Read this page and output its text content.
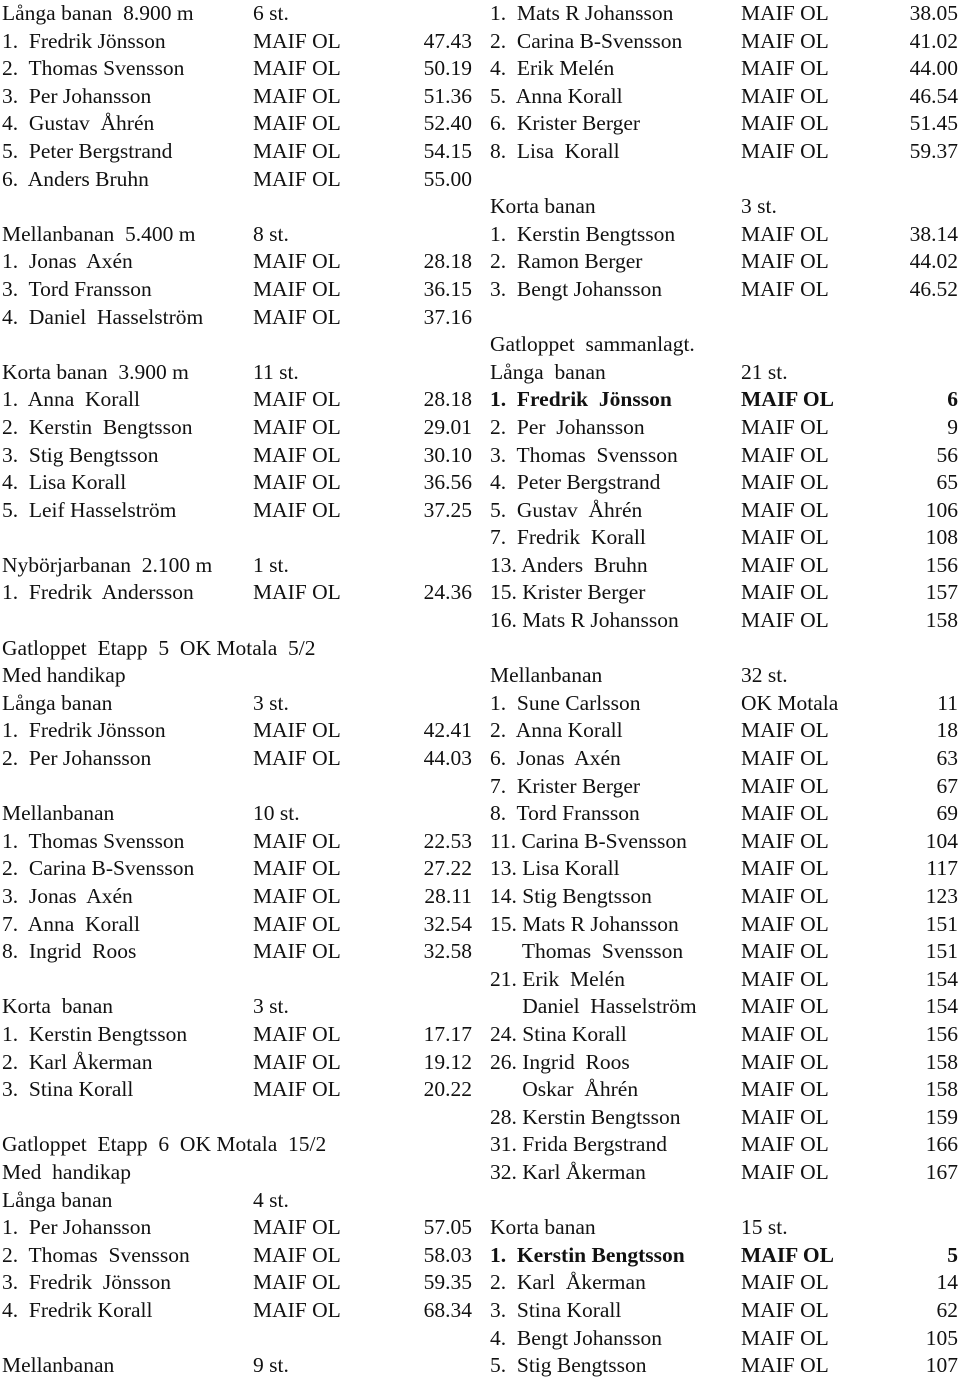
Långa banan  8.900 m	6 st.
1.  Fredrik Jönsson	MAIF OL	47.43
2.  Thomas Svensson	MAIF OL	50.19
3.  Per Johansson	MAIF OL	51.36
4.  Gustav  Åhrén	MAIF OL	52.40
5.  Peter Bergstrand	MAIF OL	54.15
6.  Anders Bruhn	MAIF OL	55.00
Mellanbanan  5.400 m	8 st.
1.  Jonas  Axén	MAIF OL	28.18
3.  Tord Fransson	MAIF OL	36.15
4.  Daniel  Hasselström MAIF OL	37.16
Korta banan  3.900 m	11 st.
1.  Anna  Korall	MAIF OL	28.18
2.  Kerstin  Bengtsson	MAIF OL	29.01
3.  Stig Bengtsson	MAIF OL	30.10
4.  Lisa Korall	MAIF OL	36.56
5.  Leif Hasselström	MAIF OL	37.25
Nybörjarbanan  2.100 m 1 st.
1.  Fredrik  Andersson	MAIF OL	24.36
Gatloppet  Etapp  5  OK Motala  5/2
Med handikap
Långa banan	3 st.
1.  Fredrik Jönsson	MAIF OL	42.41
2.  Per Johansson	MAIF OL	44.03
Mellanbanan	10 st.
1.  Thomas Svensson	MAIF OL	22.53
2.  Carina B-Svensson	MAIF OL	27.22
3.  Jonas  Axén	MAIF OL	28.11
7.  Anna  Korall	MAIF OL	32.54
8.  Ingrid  Roos	MAIF OL	32.58
Korta  banan	3 st.
1.  Kerstin Bengtsson	MAIF OL	17.17
2.  Karl Åkerman	MAIF OL	19.12
3.  Stina Korall	MAIF OL	20.22
Gatloppet  Etapp  6  OK Motala  15/2
Med  handikap
Långa banan	4 st.
1.  Per Johansson	MAIF OL	57.05
2.  Thomas  Svensson	MAIF OL	58.03
3.  Fredrik  Jönsson	MAIF OL	59.35
4.  Fredrik Korall	MAIF OL	68.34
Mellanbanan	9 st.
1.  Mats R Johansson	MAIF OL	38.05
2.  Carina B-Svensson	MAIF OL	41.02
4.  Erik Melén	MAIF OL	44.00
5.  Anna Korall	MAIF OL	46.54
6.  Krister Berger	MAIF OL	51.45
8.  Lisa  Korall	MAIF OL	59.37
Korta banan	3 st.
1.  Kerstin Bengtsson	MAIF OL	38.14
2.  Ramon Berger	MAIF OL	44.02
3.  Bengt Johansson	MAIF OL	46.52
Gatloppet  sammanlagt.
Långa  banan	21 st.
1.  Fredrik  Jönsson	MAIF OL	6
2.  Per  Johansson	MAIF OL	9
3.  Thomas  Svensson	MAIF OL	56
4.  Peter Bergstrand	MAIF OL	65
5.  Gustav  Åhrén	MAIF OL	106
7.  Fredrik  Korall	MAIF OL	108
13. Anders  Bruhn	MAIF OL	156
15. Krister Berger	MAIF OL	157
16. Mats R Johansson	MAIF OL	158
Mellanbanan	32 st.
1.  Sune Carlsson	OK Motala	11
2.  Anna Korall	MAIF OL	18
6.  Jonas  Axén	MAIF OL	63
7.  Krister Berger	MAIF OL	67
8.  Tord Fransson	MAIF OL	69
11. Carina B-Svensson	MAIF OL	104
13. Lisa Korall	MAIF OL	117
14. Stig Bengtsson	MAIF OL	123
15. Mats R Johansson	MAIF OL	151
Thomas  Svensson	MAIF OL	151
21. Erik  Melén	MAIF OL	154
Daniel  Hasselström MAIF OL	154
24. Stina Korall	MAIF OL	156
26. Ingrid  Roos	MAIF OL	158
Oskar  Åhrén	MAIF OL	158
28. Kerstin Bengtsson	MAIF OL	159
31. Frida Bergstrand	MAIF OL	166
32. Karl Åkerman	MAIF OL	167
Korta banan	15 st.
1.  Kerstin Bengtsson	MAIF OL	5
2.  Karl  Åkerman	MAIF OL	14
3.  Stina Korall	MAIF OL	62
4.  Bengt Johansson	MAIF OL	105
5.  Stig Bengtsson	MAIF OL	107
